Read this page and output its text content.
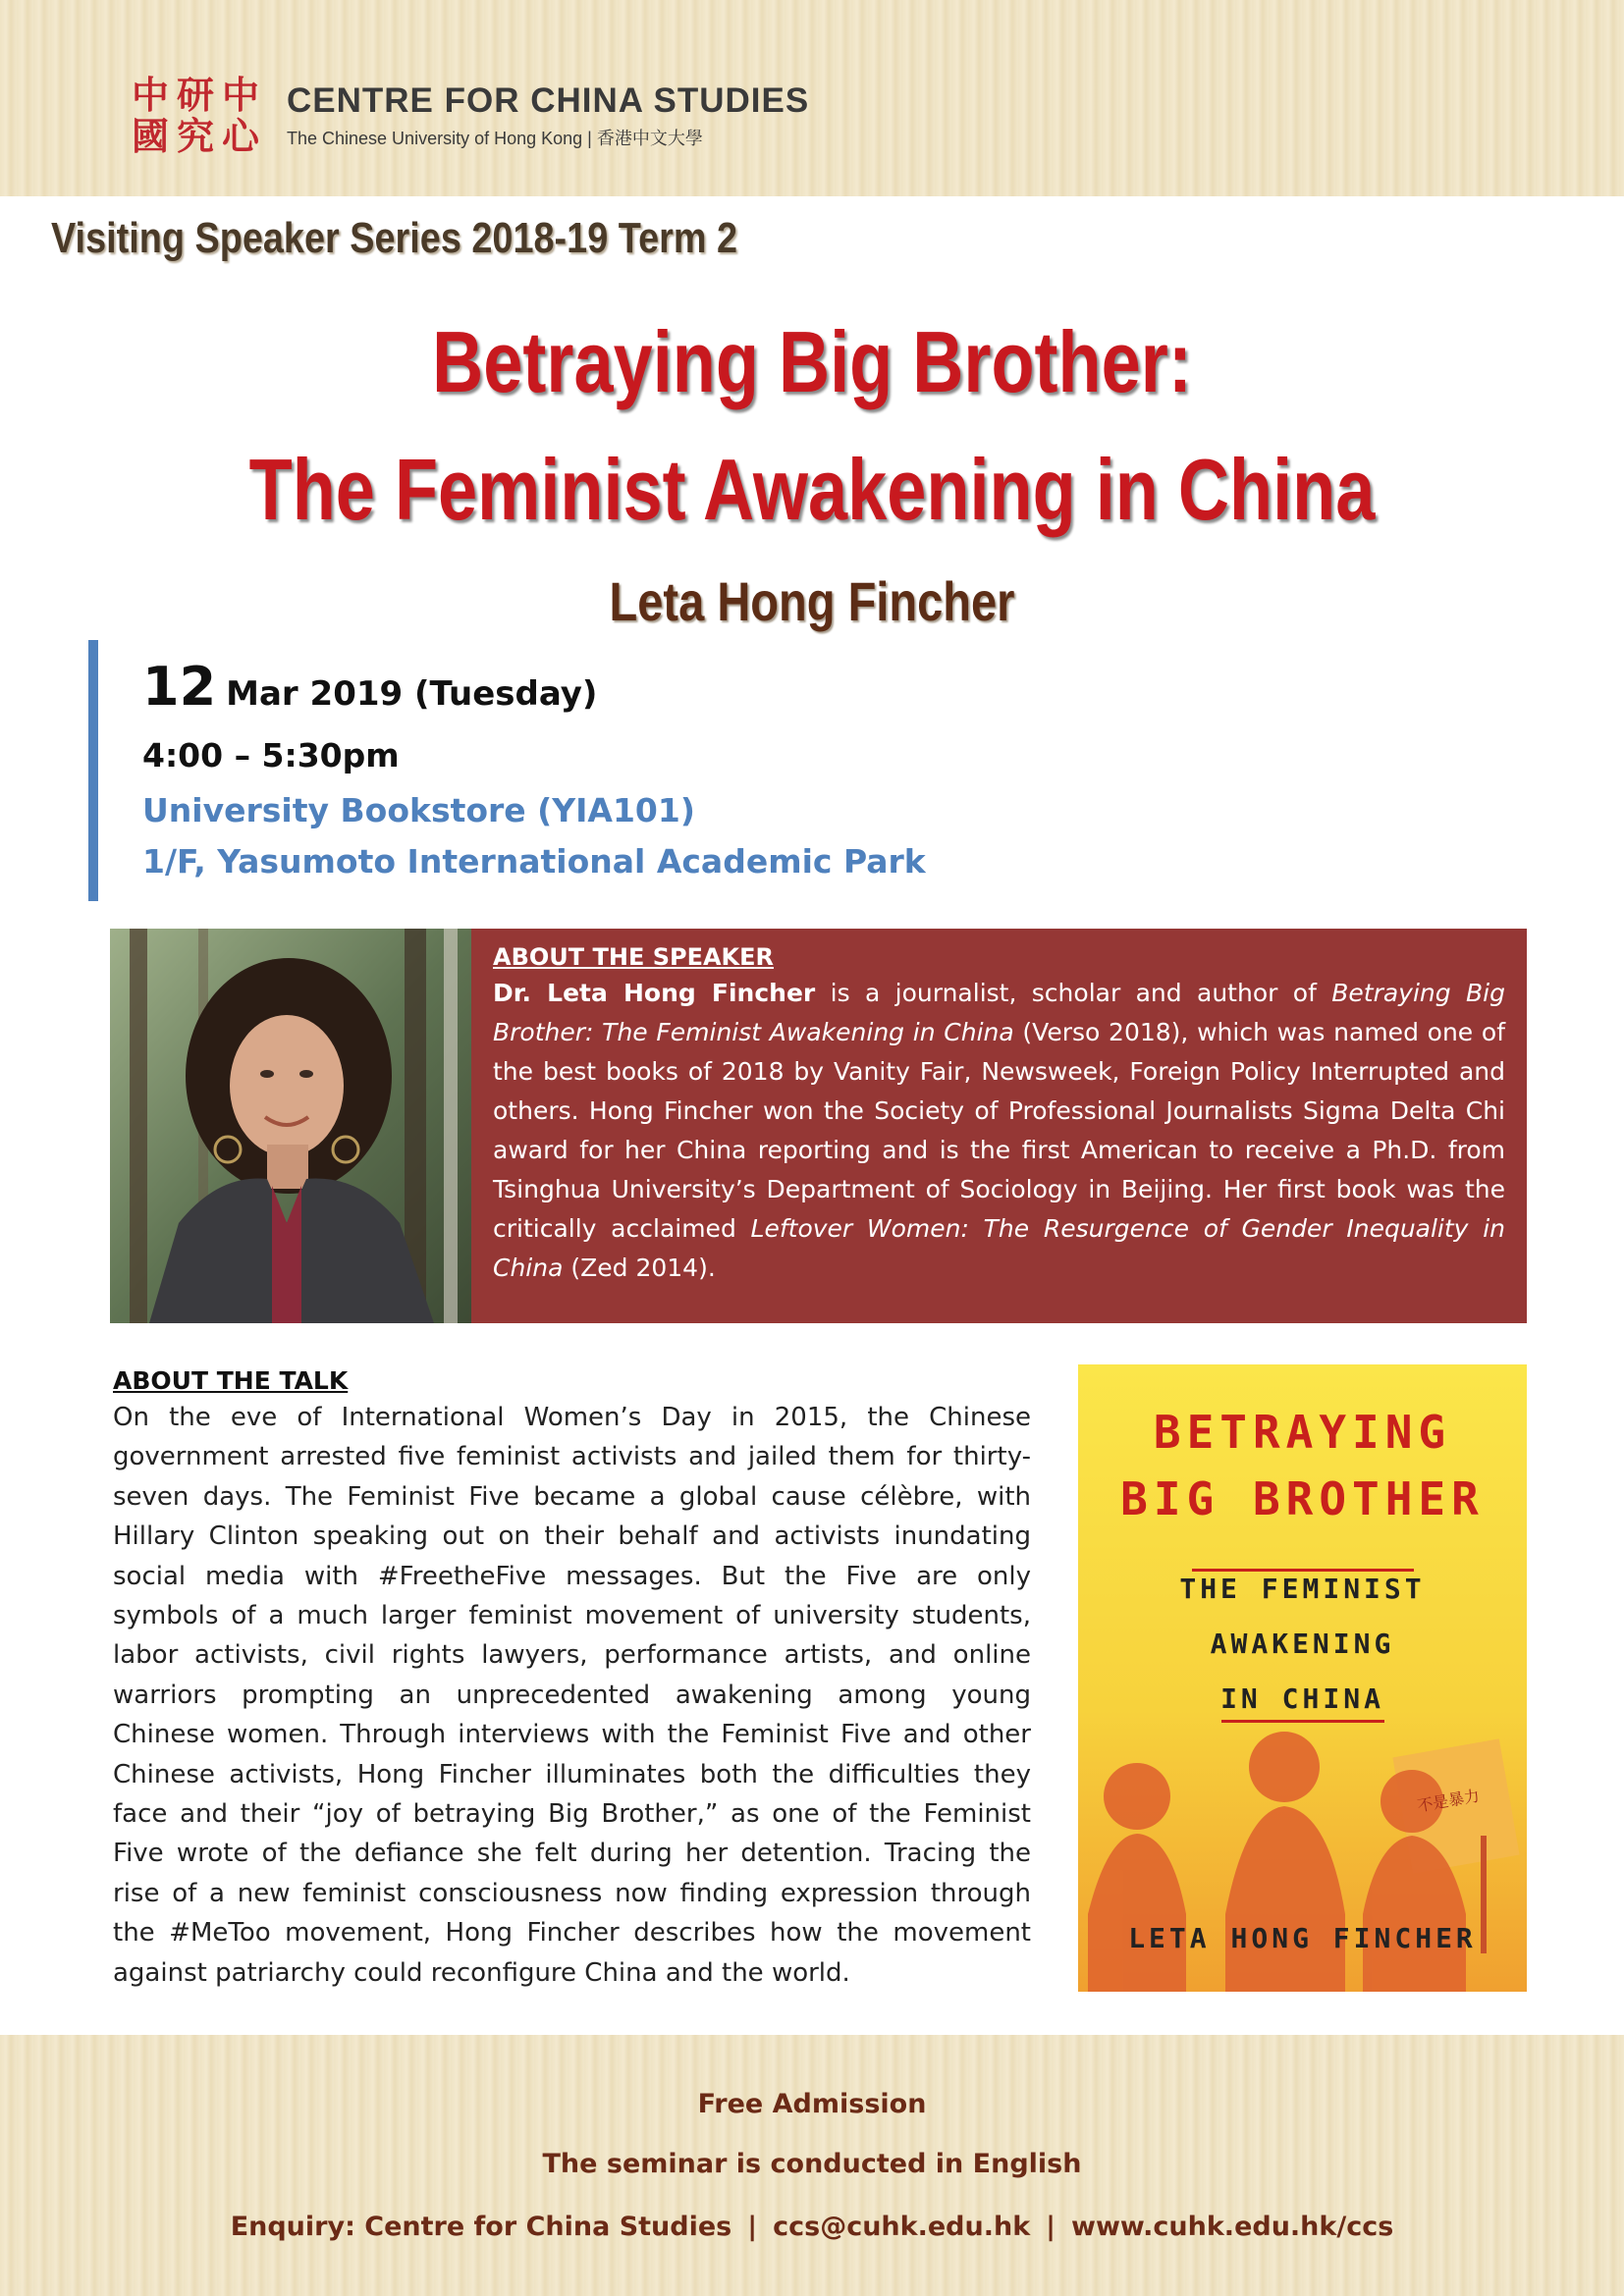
中 研 中
國 究 心
CENTRE FOR CHINA STUDIES
The Chinese University of Hong Kong | 香港中文大學
Visiting Speaker Series 2018-19 Term 2
Betraying Big Brother:
The Feminist Awakening in China
Leta Hong Fincher
12 Mar 2019 (Tuesday)
4:00 – 5:30pm
University Bookstore (YIA101)
1/F, Yasumoto International Academic Park
ABOUT THE SPEAKER
Dr. Leta Hong Fincher is a journalist, scholar and author of Betraying Big Brother: The Feminist Awakening in China (Verso 2018), which was named one of the best books of 2018 by Vanity Fair, Newsweek, Foreign Policy Interrupted and others. Hong Fincher won the Society of Professional Journalists Sigma Delta Chi award for her China reporting and is the first American to receive a Ph.D. from Tsinghua University’s Department of Sociology in Beijing. Her first book was the critically acclaimed Leftover Women: The Resurgence of Gender Inequality in China (Zed 2014).
ABOUT THE TALK
On the eve of International Women’s Day in 2015, the Chinese government arrested five feminist activists and jailed them for thirty-seven days. The Feminist Five became a global cause célèbre, with Hillary Clinton speaking out on their behalf and activists inundating social media with #FreetheFive messages. But the Five are only symbols of a much larger feminist movement of university students, labor activists, civil rights lawyers, performance artists, and online warriors prompting an unprecedented awakening among young Chinese women. Through interviews with the Feminist Five and other Chinese activists, Hong Fincher illuminates both the difficulties they face and their “joy of betraying Big Brother,” as one of the Feminist Five wrote of the defiance she felt during her detention. Tracing the rise of a new feminist consciousness now finding expression through the #MeToo movement, Hong Fincher describes how the movement against patriarchy could reconfigure China and the world.
BETRAYING
BIG BROTHER
THE FEMINIST
AWAKENING
IN CHINA
不是暴力
LETA HONG FINCHER
Free Admission
The seminar is conducted in English
Enquiry: Centre for China Studies | ccs@cuhk.edu.hk | www.cuhk.edu.hk/ccs
